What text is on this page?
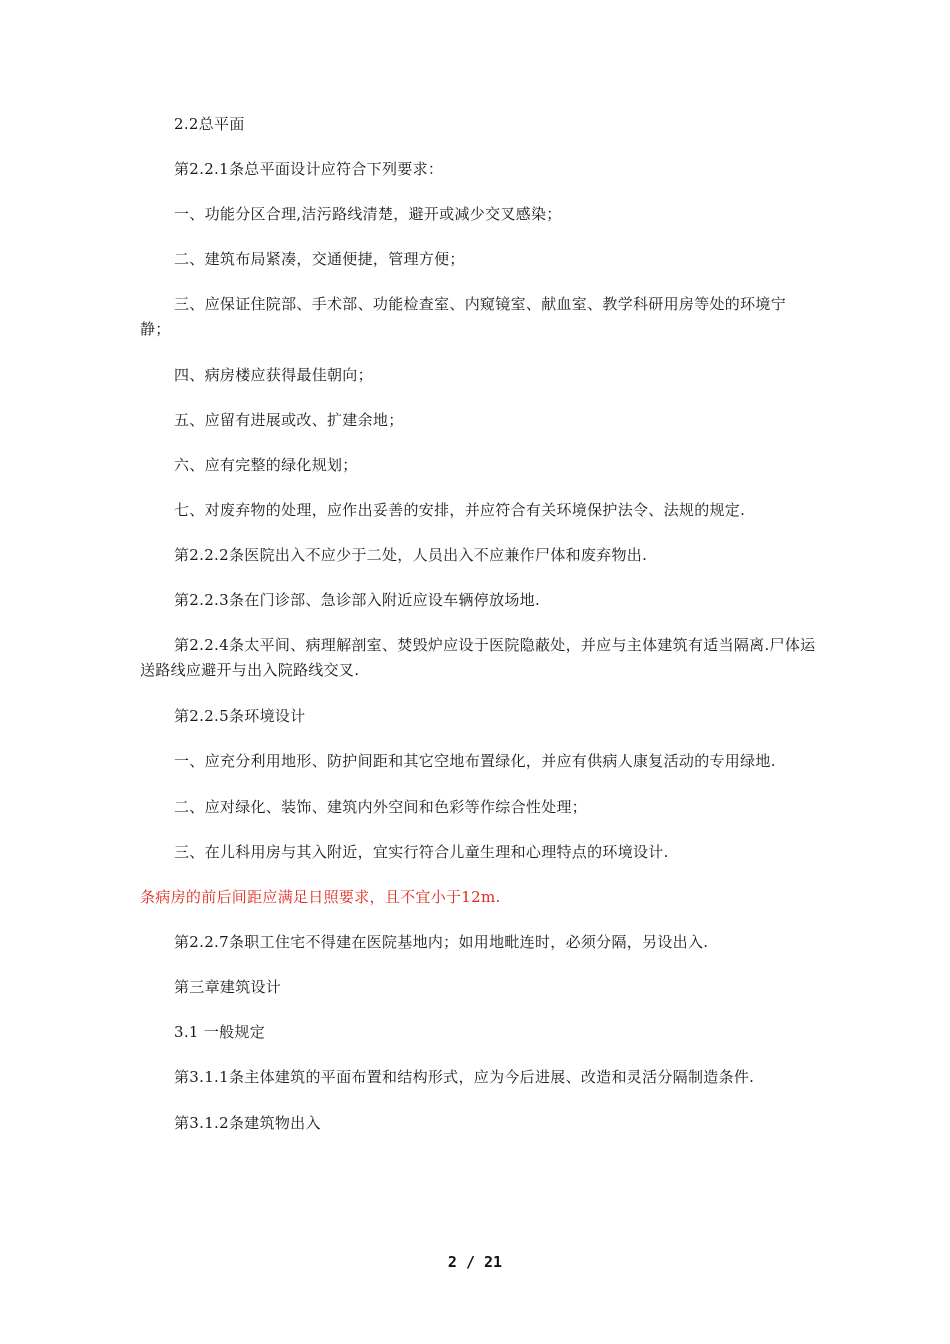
2.2总平面

第2.2.1条总平面设计应符合下列要求：

一、功能分区合理,洁污路线清楚，避开或减少交叉感染；

二、建筑布局紧凑，交通便捷，管理方便；

三、应保证住院部、手术部、功能检查室、内窥镜室、献血室、教学科研用房等处的环境宁静；

四、病房楼应获得最佳朝向；

五、应留有进展或改、扩建余地；

六、应有完整的绿化规划；

七、对废弃物的处理，应作出妥善的安排，并应符合有关环境保护法令、法规的规定.

第2.2.2条医院出入不应少于二处，人员出入不应兼作尸体和废弃物出.

第2.2.3条在门诊部、急诊部入附近应设车辆停放场地.

第2.2.4条太平间、病理解剖室、焚毁炉应设于医院隐蔽处，并应与主体建筑有适当隔离.尸体运送路线应避开与出入院路线交叉.

第2.2.5条环境设计

一、应充分利用地形、防护间距和其它空地布置绿化，并应有供病人康复活动的专用绿地.

二、应对绿化、装饰、建筑内外空间和色彩等作综合性处理；

三、在儿科用房与其入附近，宜实行符合儿童生理和心理特点的环境设计.

条病房的前后间距应满足日照要求，且不宜小于12m.

第2.2.7条职工住宅不得建在医院基地内；如用地毗连时，必须分隔，另设出入.

第三章建筑设计

3.1 一般规定

第3.1.1条主体建筑的平面布置和结构形式，应为今后进展、改造和灵活分隔制造条件.

第3.1.2条建筑物出入

2 / 21
